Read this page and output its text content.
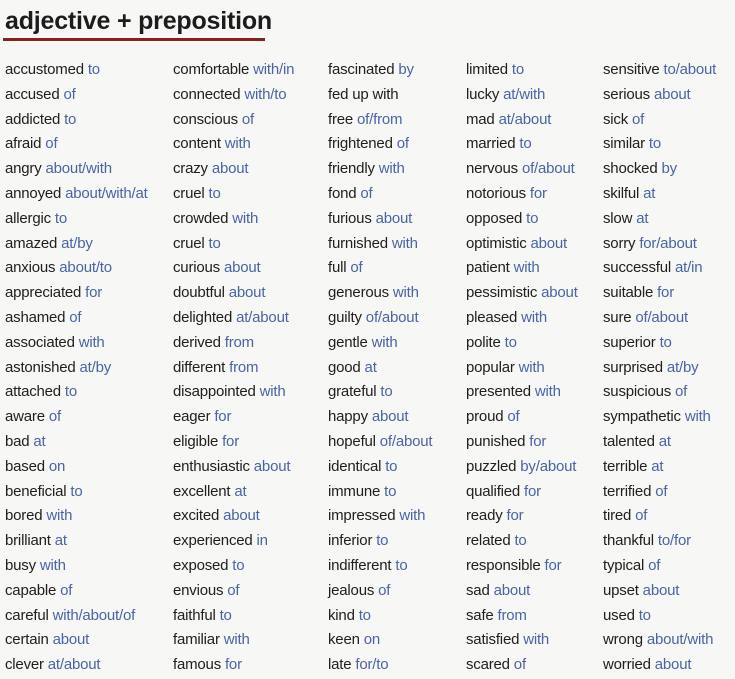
adjective + preposition
accustomed to
accused of
addicted to
afraid of
angry about/with
annoyed about/with/at
allergic to
amazed at/by
anxious about/to
appreciated for
ashamed of
associated with
astonished at/by
attached to
aware of
bad at
based on
beneficial to
bored with
brilliant at
busy with
capable of
careful with/about/of
certain about
clever at/about
comfortable with/in
connected with/to
conscious of
content with
crazy about
cruel to
crowded with
cruel to
curious about
doubtful about
delighted at/about
derived from
different from
disappointed with
eager for
eligible for
enthusiastic about
excellent at
excited about
experienced in
exposed to
envious of
faithful to
familiar with
famous for
fascinated by
fed up with
free of/from
frightened of
friendly with
fond of
furious about
furnished with
full of
generous with
guilty of/about
gentle with
good at
grateful to
happy about
hopeful of/about
identical to
immune to
impressed with
inferior to
indifferent to
jealous of
kind to
keen on
late for/to
limited to
lucky at/with
mad at/about
married to
nervous of/about
notorious for
opposed to
optimistic about
patient with
pessimistic about
pleased with
polite to
popular with
presented with
proud of
punished for
puzzled by/about
qualified for
ready for
related to
responsible for
sad about
safe from
satisfied with
scared of
sensitive to/about
serious about
sick of
similar to
shocked by
skilful at
slow at
sorry for/about
successful at/in
suitable for
sure of/about
superior to
surprised at/by
suspicious of
sympathetic with
talented at
terrible at
terrified of
tired of
thankful to/for
typical of
upset about
used to
wrong about/with
worried about
